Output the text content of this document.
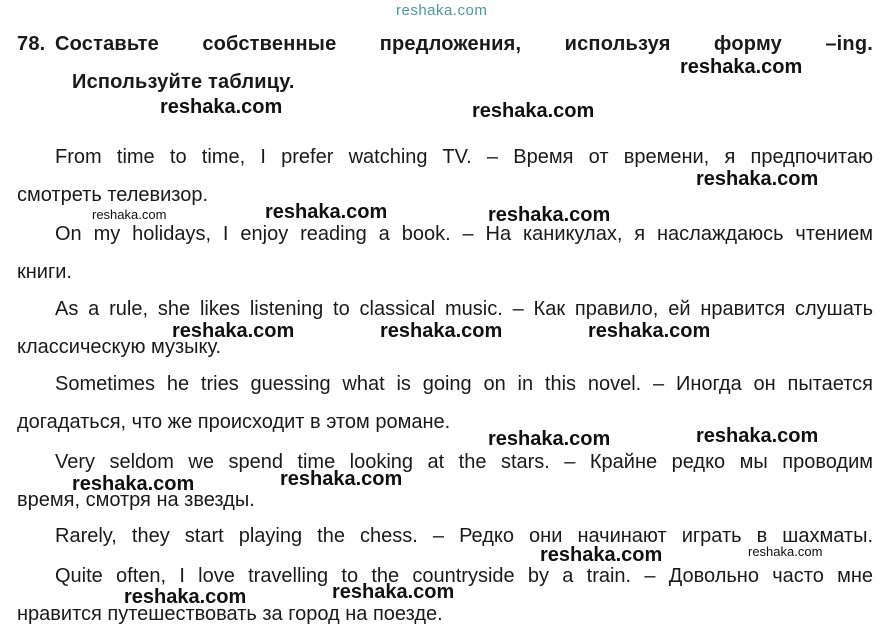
78. Составьте собственные предложения, используя форму –ing.
Используйте таблицу.
From time to time, I prefer watching TV. – Время от времени, я предпочитаю
смотреть телевизор.
On my holidays, I enjoy reading a book. – На каникулах, я наслаждаюсь чтением
книги.
As a rule, she likes listening to classical music. – Как правило, ей нравится слушать
классическую музыку.
Sometimes he tries guessing what is going on in this novel. – Иногда он пытается
догадаться, что же происходит в этом романе.
Very seldom we spend time looking at the stars. – Крайне редко мы проводим
время, смотря на звезды.
Rarely, they start playing the chess. – Редко они начинают играть в шахматы.
Quite often, I love travelling to the countryside by a train. – Довольно часто мне
нравится путешествовать за город на поезде.
reshaka.com
reshaka.com
reshaka.com	reshaka.com
reshaka.com
reshaka.com	reshaka.com	reshaka.com
reshaka.com	reshaka.com	reshaka.com
reshaka.com	reshaka.com
reshaka.com
reshaka.com
reshaka.com	reshaka.com
reshaka.com	reshaka.com
